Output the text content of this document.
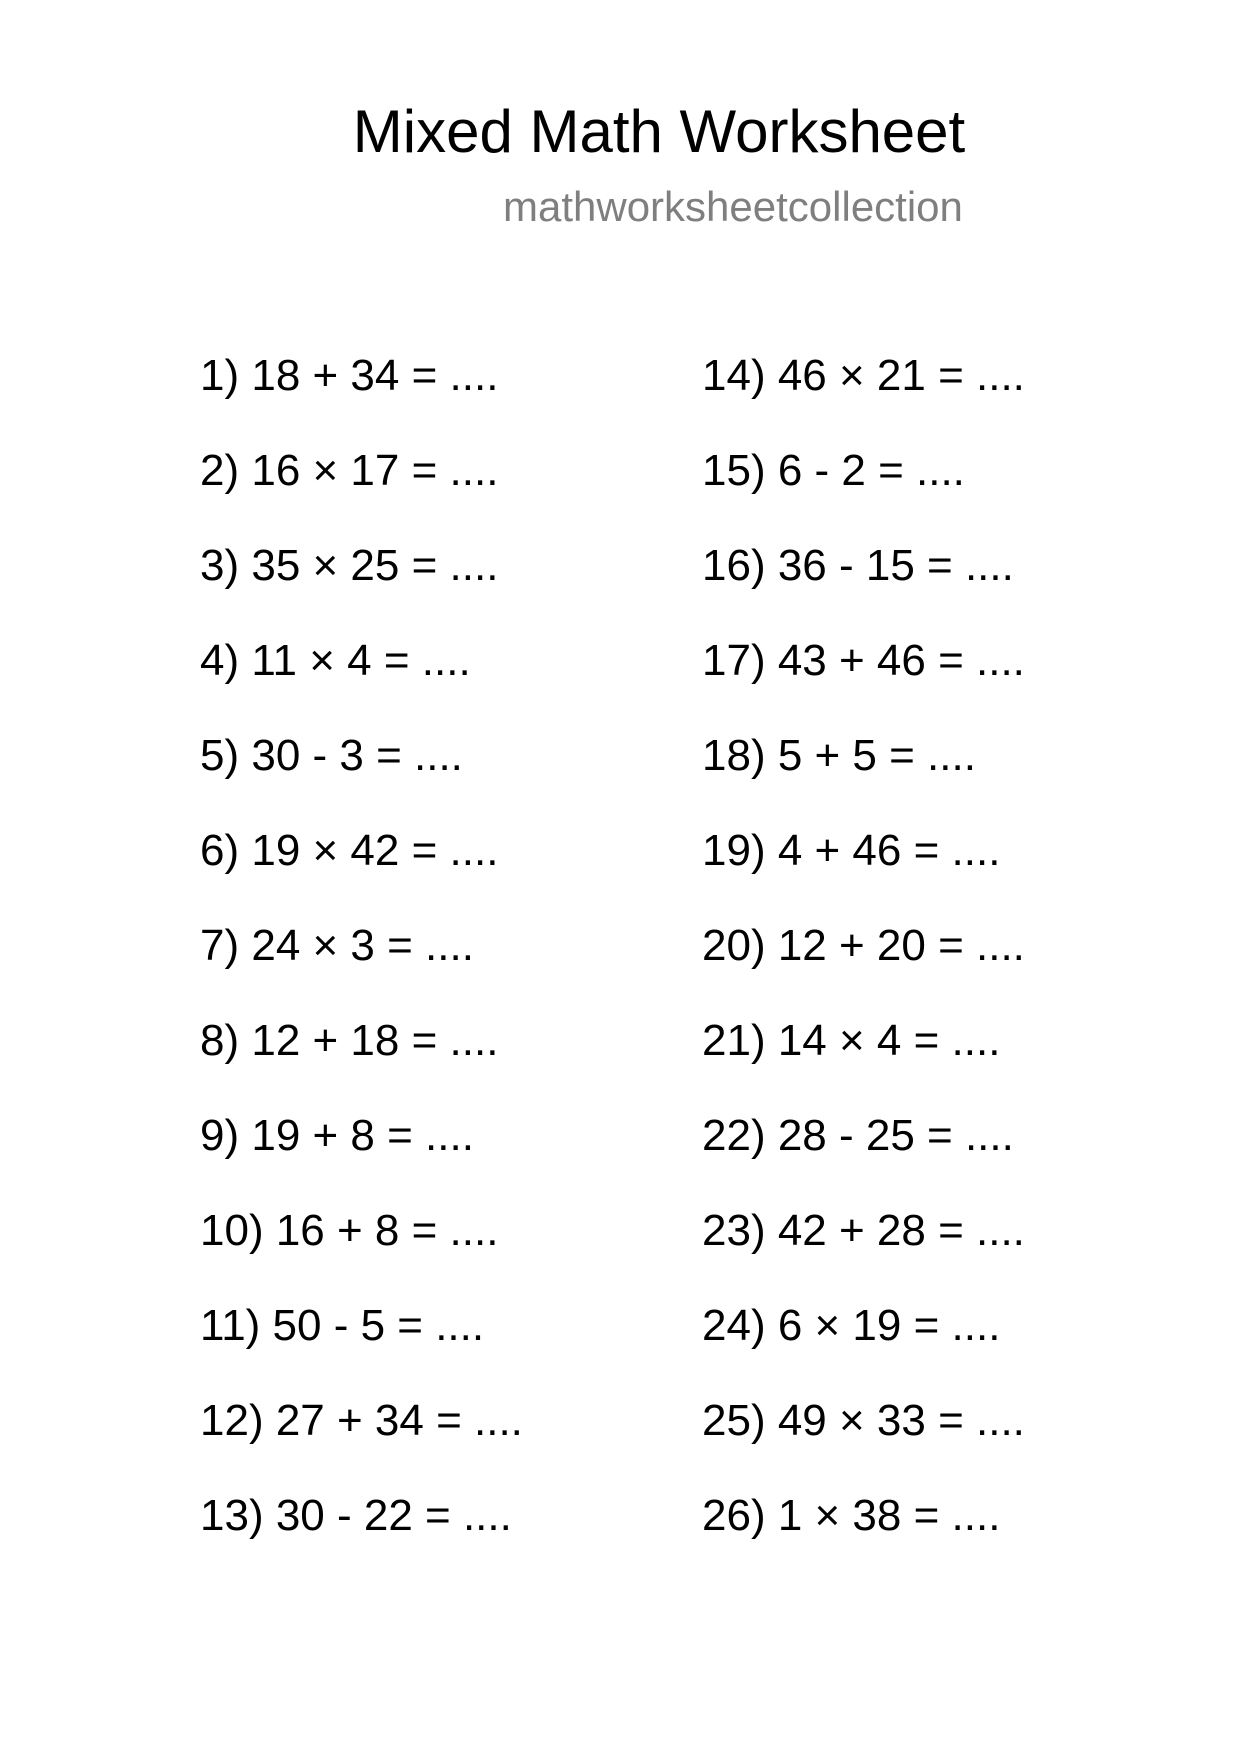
Mixed Math Worksheet
mathworksheetcollection
1) 18 + 34 = ....
2) 16 × 17 = ....
3) 35 × 25 = ....
4) 11 × 4 = ....
5) 30 - 3 = ....
6) 19 × 42 = ....
7) 24 × 3 = ....
8) 12 + 18 = ....
9) 19 + 8 = ....
10) 16 + 8 = ....
11) 50 - 5 = ....
12) 27 + 34 = ....
13) 30 - 22 = ....
14) 46 × 21 = ....
15) 6 - 2 = ....
16) 36 - 15 = ....
17) 43 + 46 = ....
18) 5 + 5 = ....
19) 4 + 46 = ....
20) 12 + 20 = ....
21) 14 × 4 = ....
22) 28 - 25 = ....
23) 42 + 28 = ....
24) 6 × 19 = ....
25) 49 × 33 = ....
26) 1 × 38 = ....
